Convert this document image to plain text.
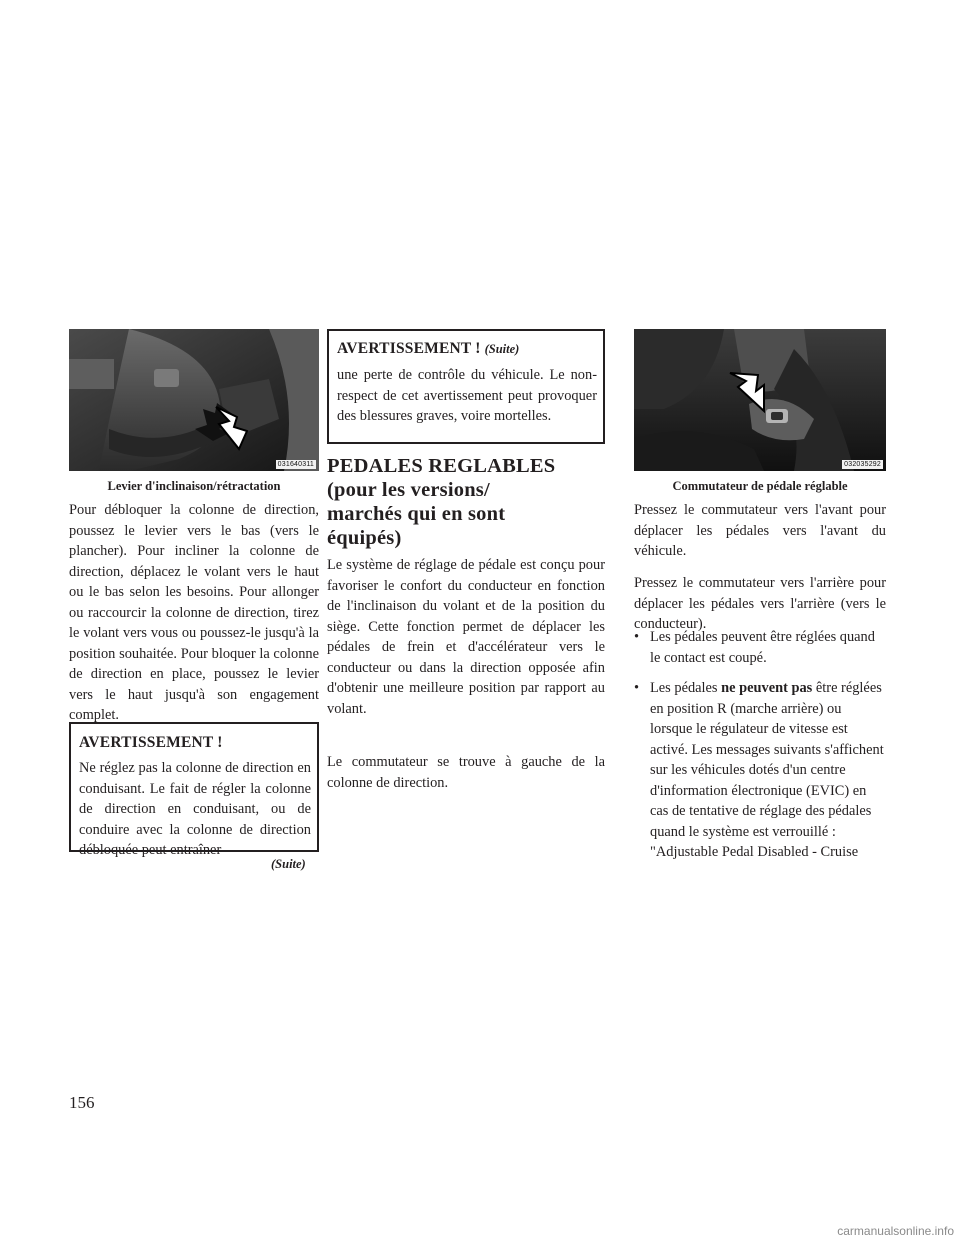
031640311
Levier d'inclinaison/rétractation

Pour débloquer la colonne de direction, poussez le levier vers le bas (vers le plancher). Pour incliner la colonne de direction, déplacez le volant vers le haut ou le bas selon les besoins. Pour allonger ou raccourcir la colonne de direction, tirez le volant vers vous ou poussez-le jusqu'à la position souhaitée. Pour bloquer la colonne de direction en place, poussez le levier vers le haut jusqu'à son engagement complet.

AVERTISSEMENT !

Ne réglez pas la colonne de direction en conduisant. Le fait de régler la colonne de direction en conduisant, ou de conduire avec la colonne de direction débloquée peut entraîner

(Suite)

AVERTISSEMENT ! (Suite)

une perte de contrôle du véhicule. Le non-respect de cet avertissement peut provoquer des blessures graves, voire mortelles.

PEDALES REGLABLES
(pour les versions/
marchés qui en sont
équipés)

Le système de réglage de pédale est conçu pour favoriser le confort du conducteur en fonction de l'inclinaison du volant et de la position du siège. Cette fonction permet de déplacer les pédales de frein et d'accélérateur vers le conducteur ou dans la direction opposée afin d'obtenir une meilleure position par rapport au volant.

Le commutateur se trouve à gauche de la colonne de direction.

032035292
Commutateur de pédale réglable

Pressez le commutateur vers l'avant pour déplacer les pédales vers l'avant du véhicule.

Pressez le commutateur vers l'arrière pour déplacer les pédales vers l'arrière (vers le conducteur).

• Les pédales peuvent être réglées quand le contact est coupé.
• Les pédales ne peuvent pas être réglées en position R (marche arrière) ou lorsque le régulateur de vitesse est activé. Les messages suivants s'affichent sur les véhicules dotés d'un centre d'information électronique (EVIC) en cas de tentative de réglage des pédales quand le système est verrouillé : "Adjustable Pedal Disabled - Cruise
156
carmanualsonline.info
